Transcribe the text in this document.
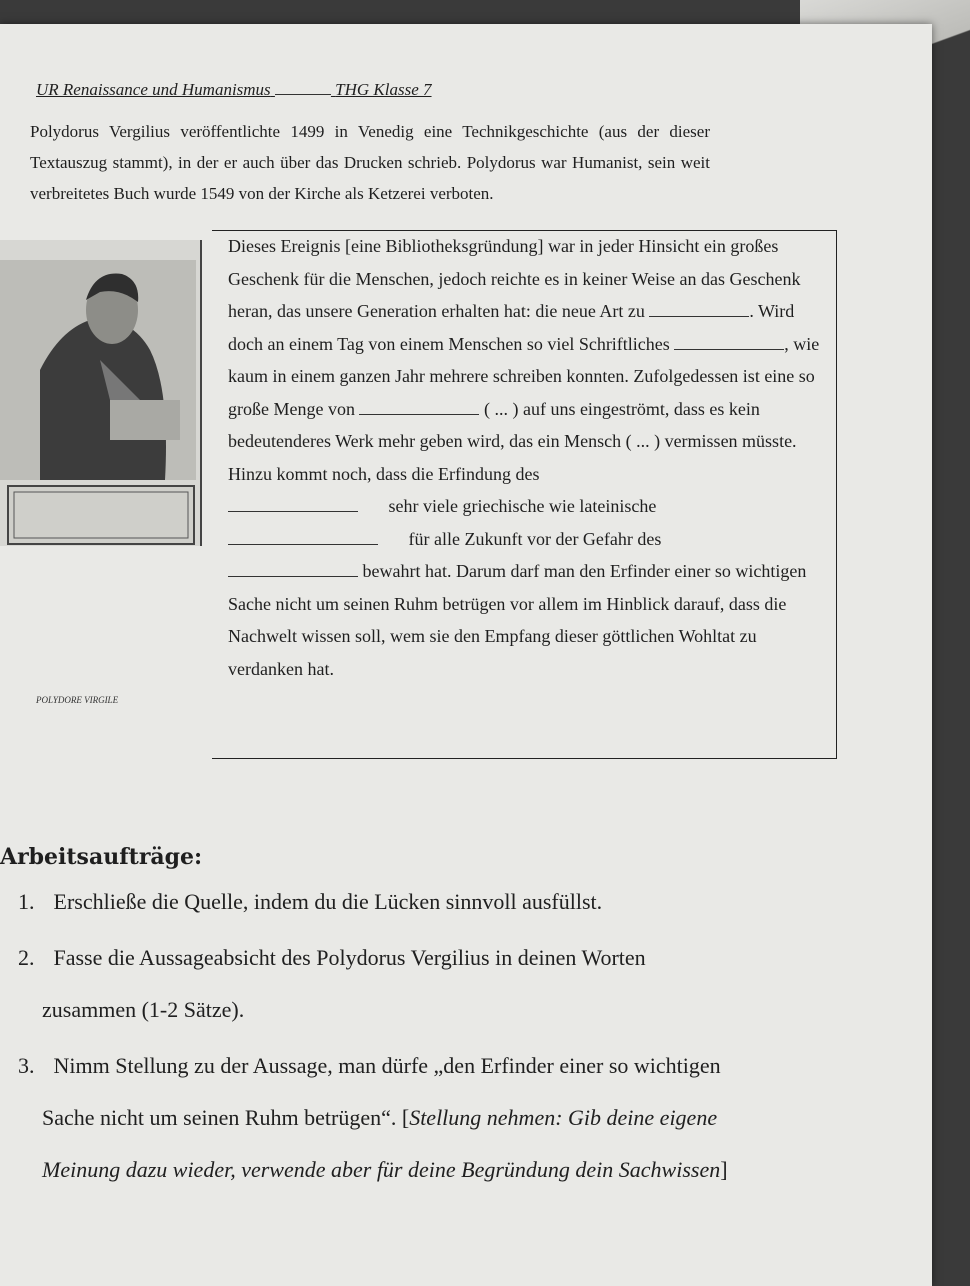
UR Renaissance und Humanismus	THG Klasse 7
Polydorus Vergilius veröffentlichte 1499 in Venedig eine Technikgeschichte (aus der dieser Textauszug stammt), in der er auch über das Drucken schrieb. Polydorus war Humanist, sein weit verbreitetes Buch wurde 1549 von der Kirche als Ketzerei verboten.
POLYDORE VIRGILE

Dieses Ereignis [eine Bibliotheksgründung] war in jeder Hinsicht ein großes Geschenk für die Menschen, jedoch reichte es in keiner Weise an das Geschenk heran, das unsere Generation erhalten hat: die neue Art zu	. Wird doch an einem Tag von einem Menschen so viel Schriftliches	, wie kaum in einem ganzen Jahr mehrere schreiben konnten. Zufolgedessen ist eine so große Menge von	( ... ) auf uns eingeströmt, dass es kein bedeutenderes Werk mehr geben wird, das ein Mensch ( ... ) vermissen müsste. Hinzu kommt noch, dass die Erfindung des

sehr viele griechische wie lateinische

für alle Zukunft vor der Gefahr des

bewahrt hat. Darum darf man den Erfinder einer so wichtigen Sache nicht um seinen Ruhm betrügen vor allem im Hinblick darauf, dass die Nachwelt wissen soll, wem sie den Empfang dieser göttlichen Wohltat zu verdanken hat.

Arbeitsaufträge:
1. Erschließe die Quelle, indem du die Lücken sinnvoll ausfüllst.
2. Fasse die Aussageabsicht des Polydorus Vergilius in deinen Worten
zusammen (1-2 Sätze).
3. Nimm Stellung zu der Aussage, man dürfe „den Erfinder einer so wichtigen
Sache nicht um seinen Ruhm betrügen“. [Stellung nehmen: Gib deine eigene
Meinung dazu wieder, verwende aber für deine Begründung dein Sachwissen]
